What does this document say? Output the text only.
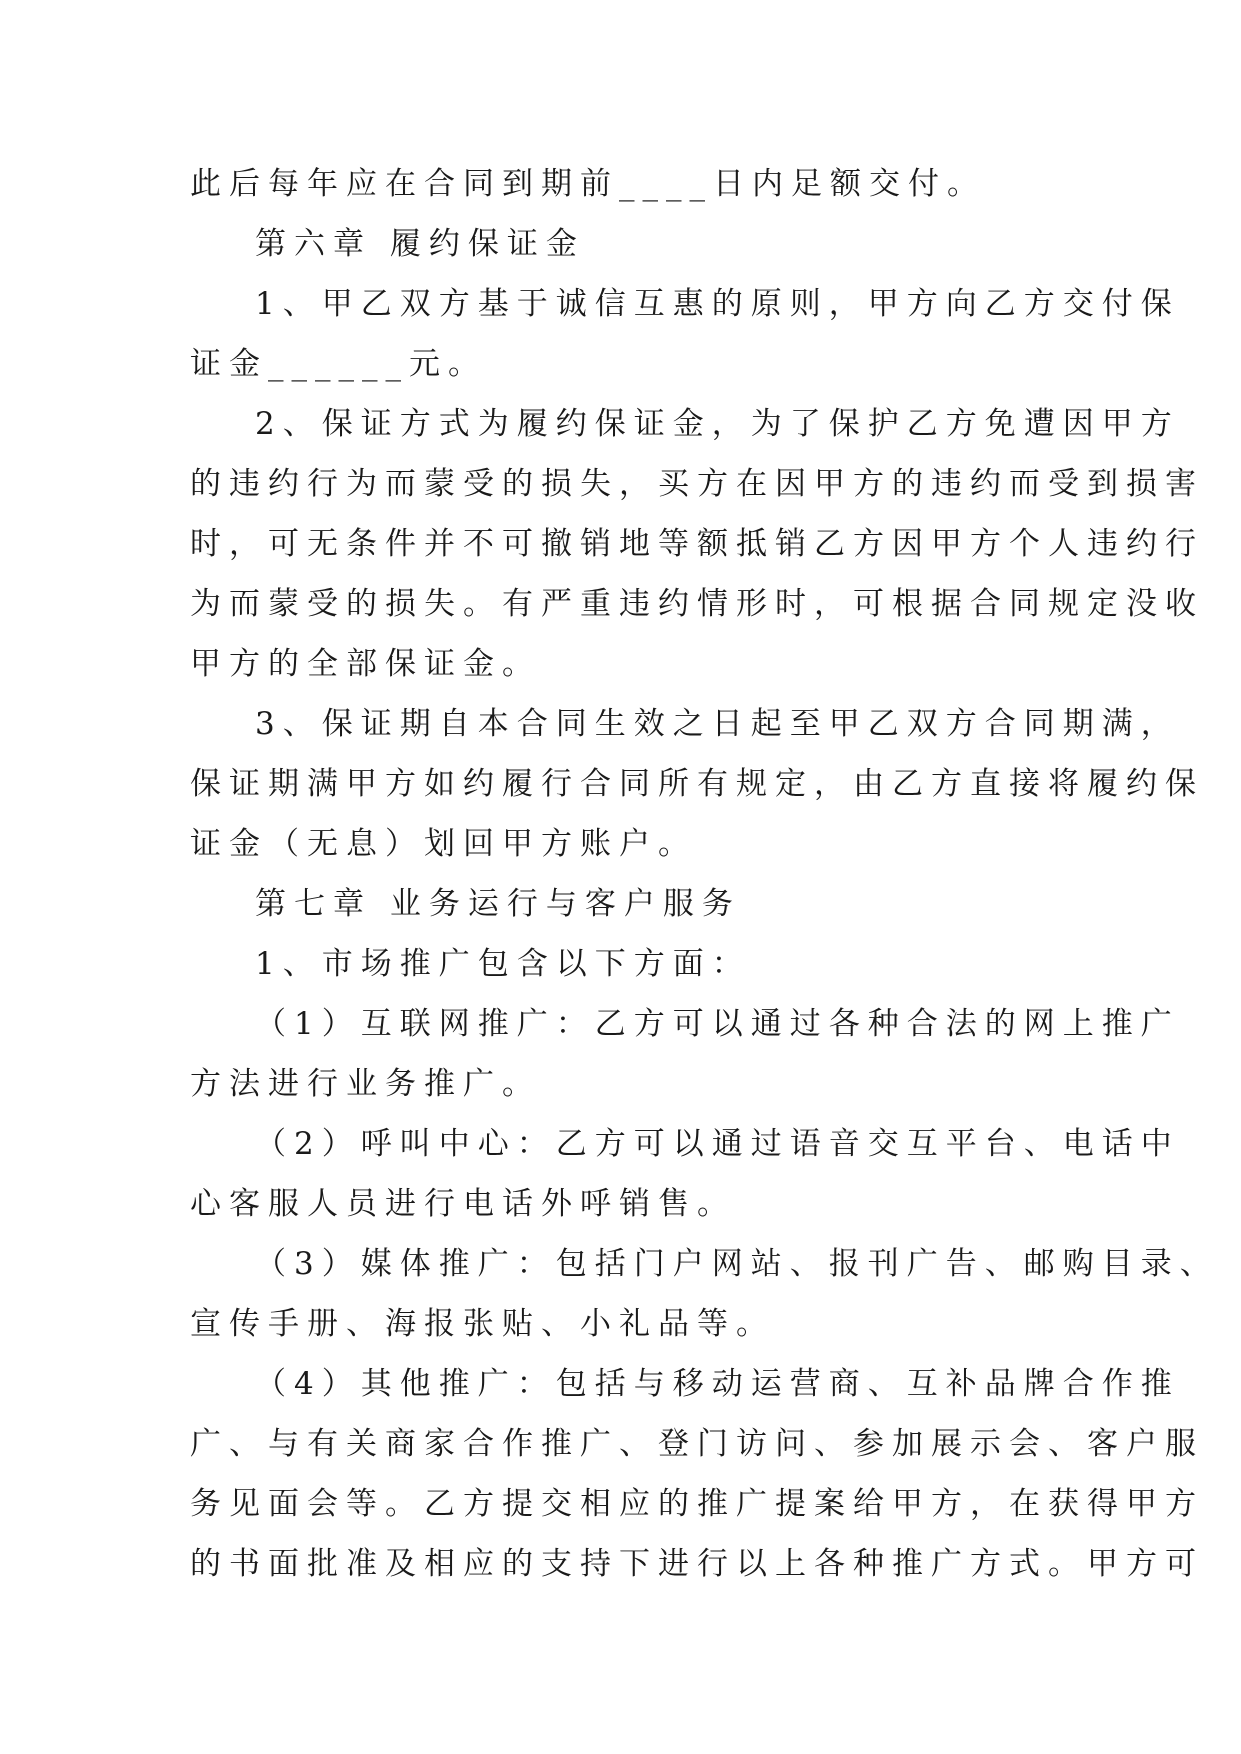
此后每年应在合同到期前____日内足额交付。

第六章 履约保证金

1、甲乙双方基于诚信互惠的原则，甲方向乙方交付保

证金______元。

2、保证方式为履约保证金，为了保护乙方免遭因甲方

的违约行为而蒙受的损失，买方在因甲方的违约而受到损害

时，可无条件并不可撤销地等额抵销乙方因甲方个人违约行

为而蒙受的损失。有严重违约情形时，可根据合同规定没收

甲方的全部保证金。

3、保证期自本合同生效之日起至甲乙双方合同期满，

保证期满甲方如约履行合同所有规定，由乙方直接将履约保

证金（无息）划回甲方账户。

第七章 业务运行与客户服务

1、市场推广包含以下方面：

（1）互联网推广：乙方可以通过各种合法的网上推广

方法进行业务推广。

（2）呼叫中心：乙方可以通过语音交互平台、电话中

心客服人员进行电话外呼销售。

（3）媒体推广：包括门户网站、报刊广告、邮购目录、

宣传手册、海报张贴、小礼品等。

（4）其他推广：包括与移动运营商、互补品牌合作推

广、与有关商家合作推广、登门访问、参加展示会、客户服

务见面会等。乙方提交相应的推广提案给甲方，在获得甲方

的书面批准及相应的支持下进行以上各种推广方式。甲方可
